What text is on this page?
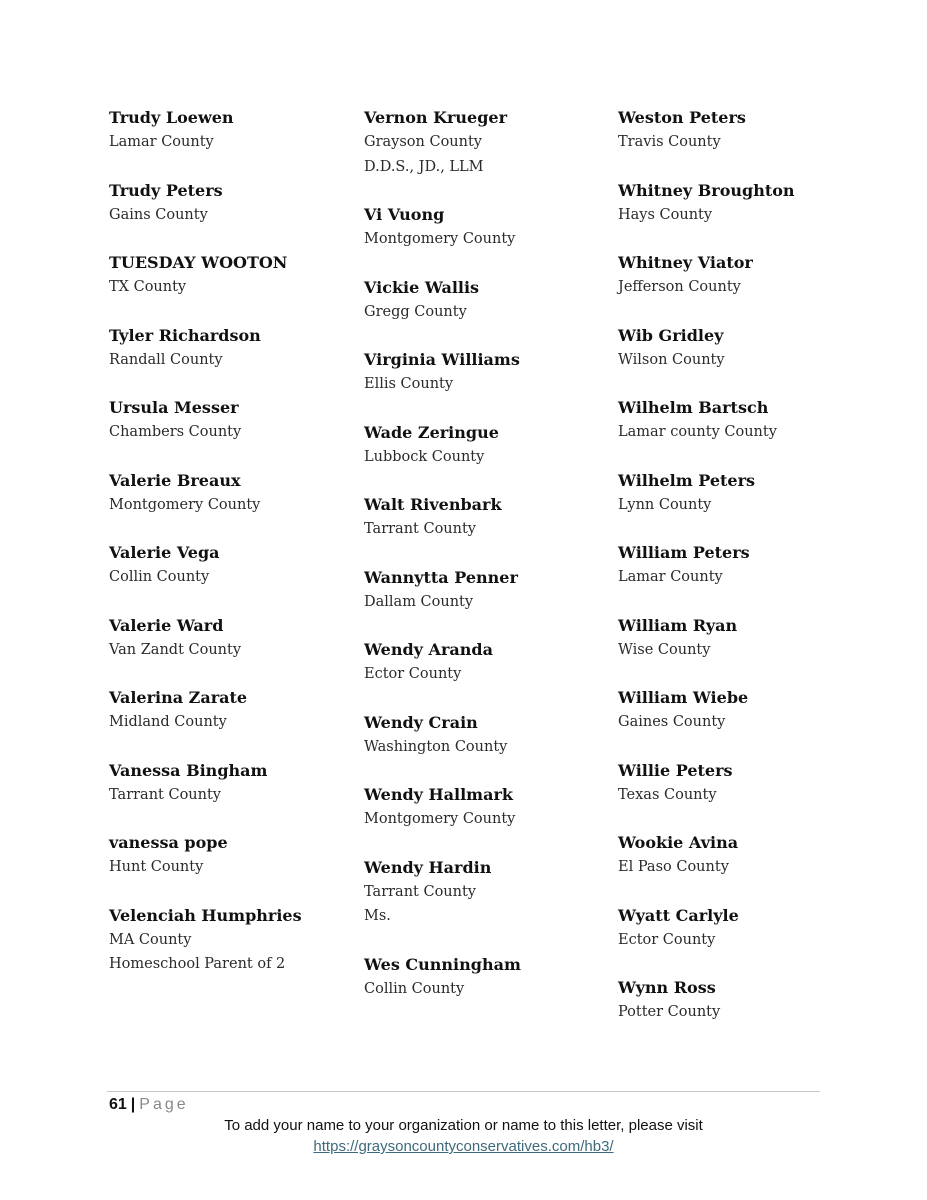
Trudy Loewen
Lamar County
Trudy Peters
Gains County
TUESDAY WOOTON
TX County
Tyler Richardson
Randall County
Ursula Messer
Chambers County
Valerie Breaux
Montgomery County
Valerie Vega
Collin County
Valerie Ward
Van Zandt County
Valerina Zarate
Midland County
Vanessa Bingham
Tarrant County
vanessa pope
Hunt County
Velenciah Humphries
MA County
Homeschool Parent of 2
Vernon Krueger
Grayson County
D.D.S., JD., LLM
Vi Vuong
Montgomery County
Vickie Wallis
Gregg County
Virginia Williams
Ellis County
Wade Zeringue
Lubbock County
Walt Rivenbark
Tarrant County
Wannytta Penner
Dallam County
Wendy Aranda
Ector County
Wendy Crain
Washington County
Wendy Hallmark
Montgomery County
Wendy Hardin
Tarrant County
Ms.
Wes Cunningham
Collin County
Weston Peters
Travis County
Whitney Broughton
Hays County
Whitney Viator
Jefferson County
Wib Gridley
Wilson County
Wilhelm Bartsch
Lamar county County
Wilhelm Peters
Lynn County
William Peters
Lamar County
William Ryan
Wise County
William Wiebe
Gaines County
Willie Peters
Texas County
Wookie Avina
El Paso County
Wyatt Carlyle
Ector County
Wynn Ross
Potter County
61 | Page
To add your name to your organization or name to this letter, please visit
https://graysoncountyconservatives.com/hb3/
